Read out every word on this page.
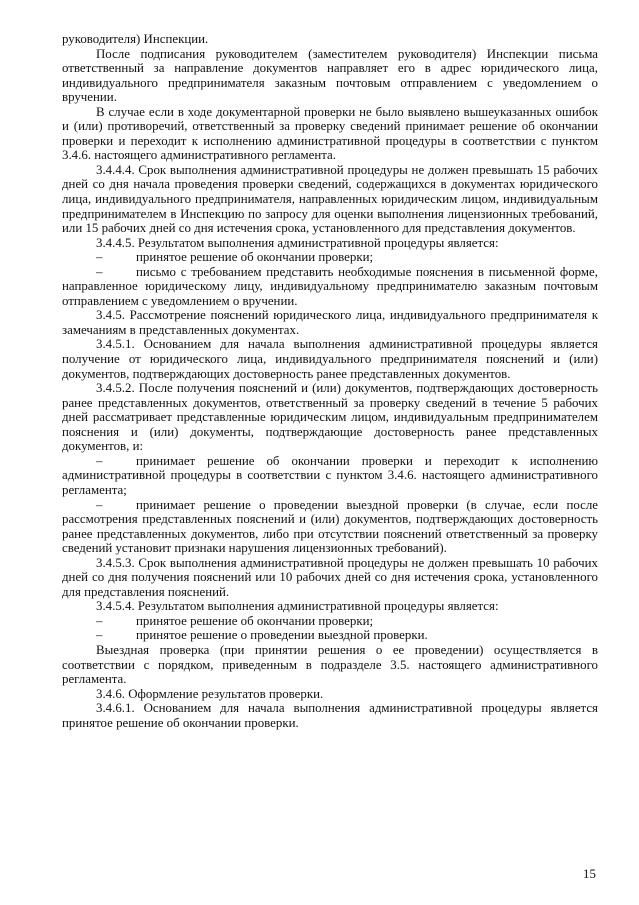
руководителя) Инспекции.

После подписания руководителем (заместителем руководителя) Инспекции письма ответственный за направление документов направляет его в адрес юридического лица, индивидуального предпринимателя заказным почтовым отправлением с уведомлением о вручении.

В случае если в ходе документарной проверки не было выявлено вышеуказанных ошибок и (или) противоречий, ответственный за проверку сведений принимает решение об окончании проверки и переходит к исполнению административной процедуры в соответствии с пунктом 3.4.6. настоящего административного регламента.

3.4.4.4. Срок выполнения административной процедуры не должен превышать 15 рабочих дней со дня начала проведения проверки сведений, содержащихся в документах юридического лица, индивидуального предпринимателя, направленных юридическим лицом, индивидуальным предпринимателем в Инспекцию по запросу для оценки выполнения лицензионных требований, или 15 рабочих дней со дня истечения срока, установленного для представления документов.

3.4.4.5. Результатом выполнения административной процедуры является:

– принятое решение об окончании проверки;

– письмо с требованием представить необходимые пояснения в письменной форме, направленное юридическому лицу, индивидуальному предпринимателю заказным почтовым отправлением с уведомлением о вручении.

3.4.5. Рассмотрение пояснений юридического лица, индивидуального предпринимателя к замечаниям в представленных документах.

3.4.5.1. Основанием для начала выполнения административной процедуры является получение от юридического лица, индивидуального предпринимателя пояснений и (или) документов, подтверждающих достоверность ранее представленных документов.

3.4.5.2. После получения пояснений и (или) документов, подтверждающих достоверность ранее представленных документов, ответственный за проверку сведений в течение 5 рабочих дней рассматривает представленные юридическим лицом, индивидуальным предпринимателем пояснения и (или) документы, подтверждающие достоверность ранее представленных документов, и:

– принимает решение об окончании проверки и переходит к исполнению административной процедуры в соответствии с пунктом 3.4.6. настоящего административного регламента;

– принимает решение о проведении выездной проверки (в случае, если после рассмотрения представленных пояснений и (или) документов, подтверждающих достоверность ранее представленных документов, либо при отсутствии пояснений ответственный за проверку сведений установит признаки нарушения лицензионных требований).

3.4.5.3. Срок выполнения административной процедуры не должен превышать 10 рабочих дней со дня получения пояснений или 10 рабочих дней со дня истечения срока, установленного для представления пояснений.

3.4.5.4. Результатом выполнения административной процедуры является:

– принятое решение об окончании проверки;

– принятое решение о проведении выездной проверки.

Выездная проверка (при принятии решения о ее проведении) осуществляется в соответствии с порядком, приведенным в подразделе 3.5. настоящего административного регламента.

3.4.6. Оформление результатов проверки.

3.4.6.1. Основанием для начала выполнения административной процедуры является принятое решение об окончании проверки.

15
